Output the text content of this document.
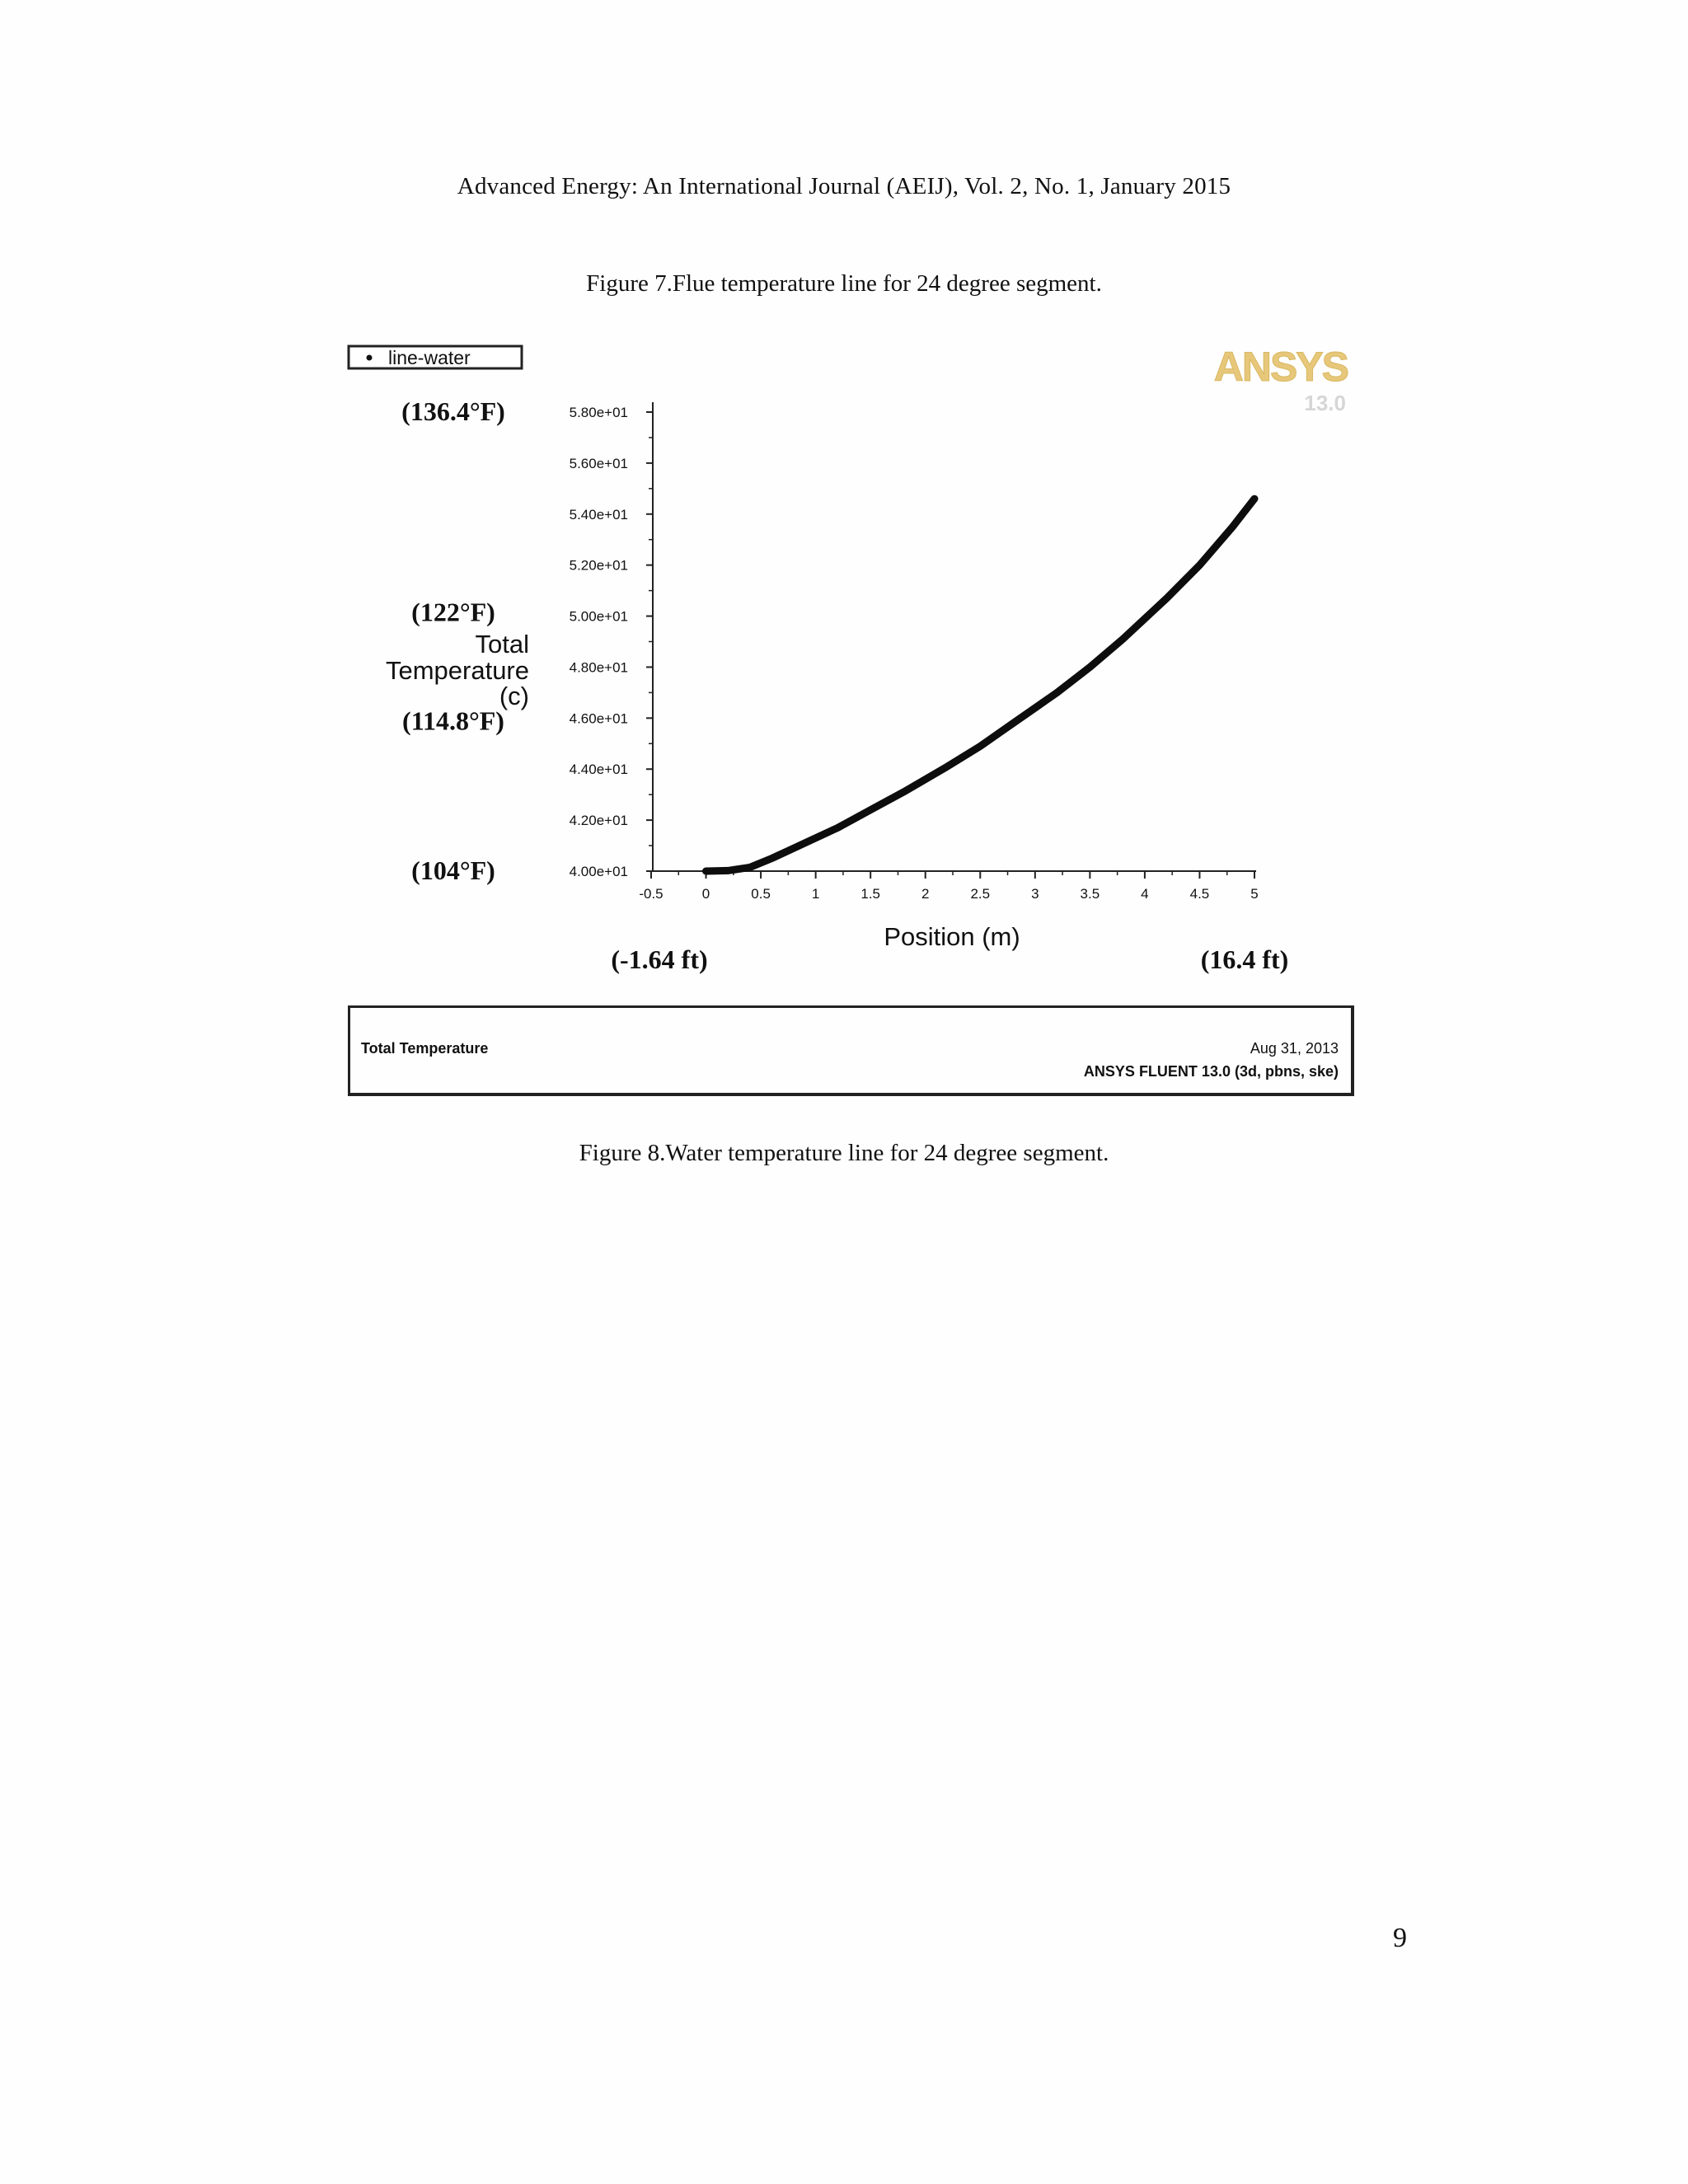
Advanced Energy: An International Journal (AEIJ), Vol. 2, No. 1, January 2015
Figure 7.Flue temperature line for 24 degree segment.
line-water	ANSYS
13.0
Total
Temperature
(c)
Position (m)
4.00e+01
4.20e+01
4.40e+01
4.60e+01
4.80e+01
5.00e+01
5.20e+01
5.40e+01
5.60e+01
5.80e+01
-0.5	0	0.5	1	1.5	2	2.5	3	3.5	4	4.5	5
(136.4°F)
(122°F)
(114.8°F)
(104°F)
(-1.64 ft)	(16.4 ft)
Total Temperature	Aug 31, 2013
ANSYS FLUENT 13.0 (3d, pbns, ske)
Figure 8.Water temperature line for 24 degree segment.
9
